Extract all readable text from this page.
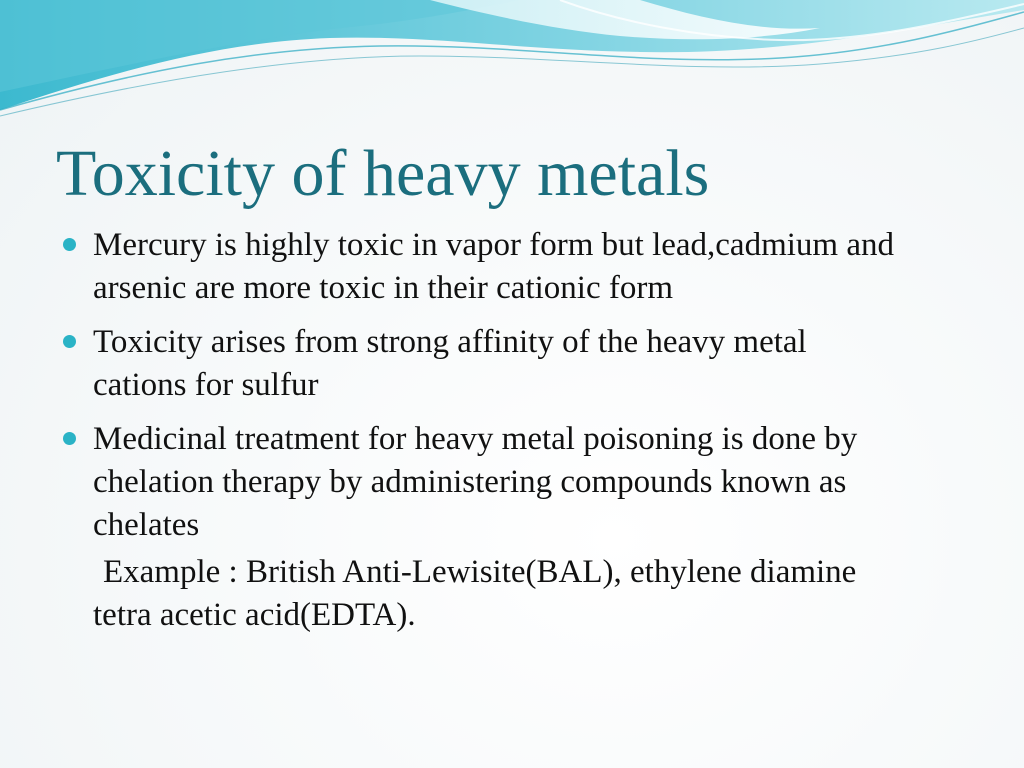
Toxicity of heavy metals
Mercury is highly toxic in vapor form but lead,cadmium and arsenic are more toxic in their cationic form
Toxicity arises from strong affinity of the heavy metal cations for sulfur
Medicinal treatment for heavy metal poisoning is done by chelation therapy by administering compounds known as chelates
Example : British Anti-Lewisite(BAL), ethylene diamine tetra acetic acid(EDTA).
